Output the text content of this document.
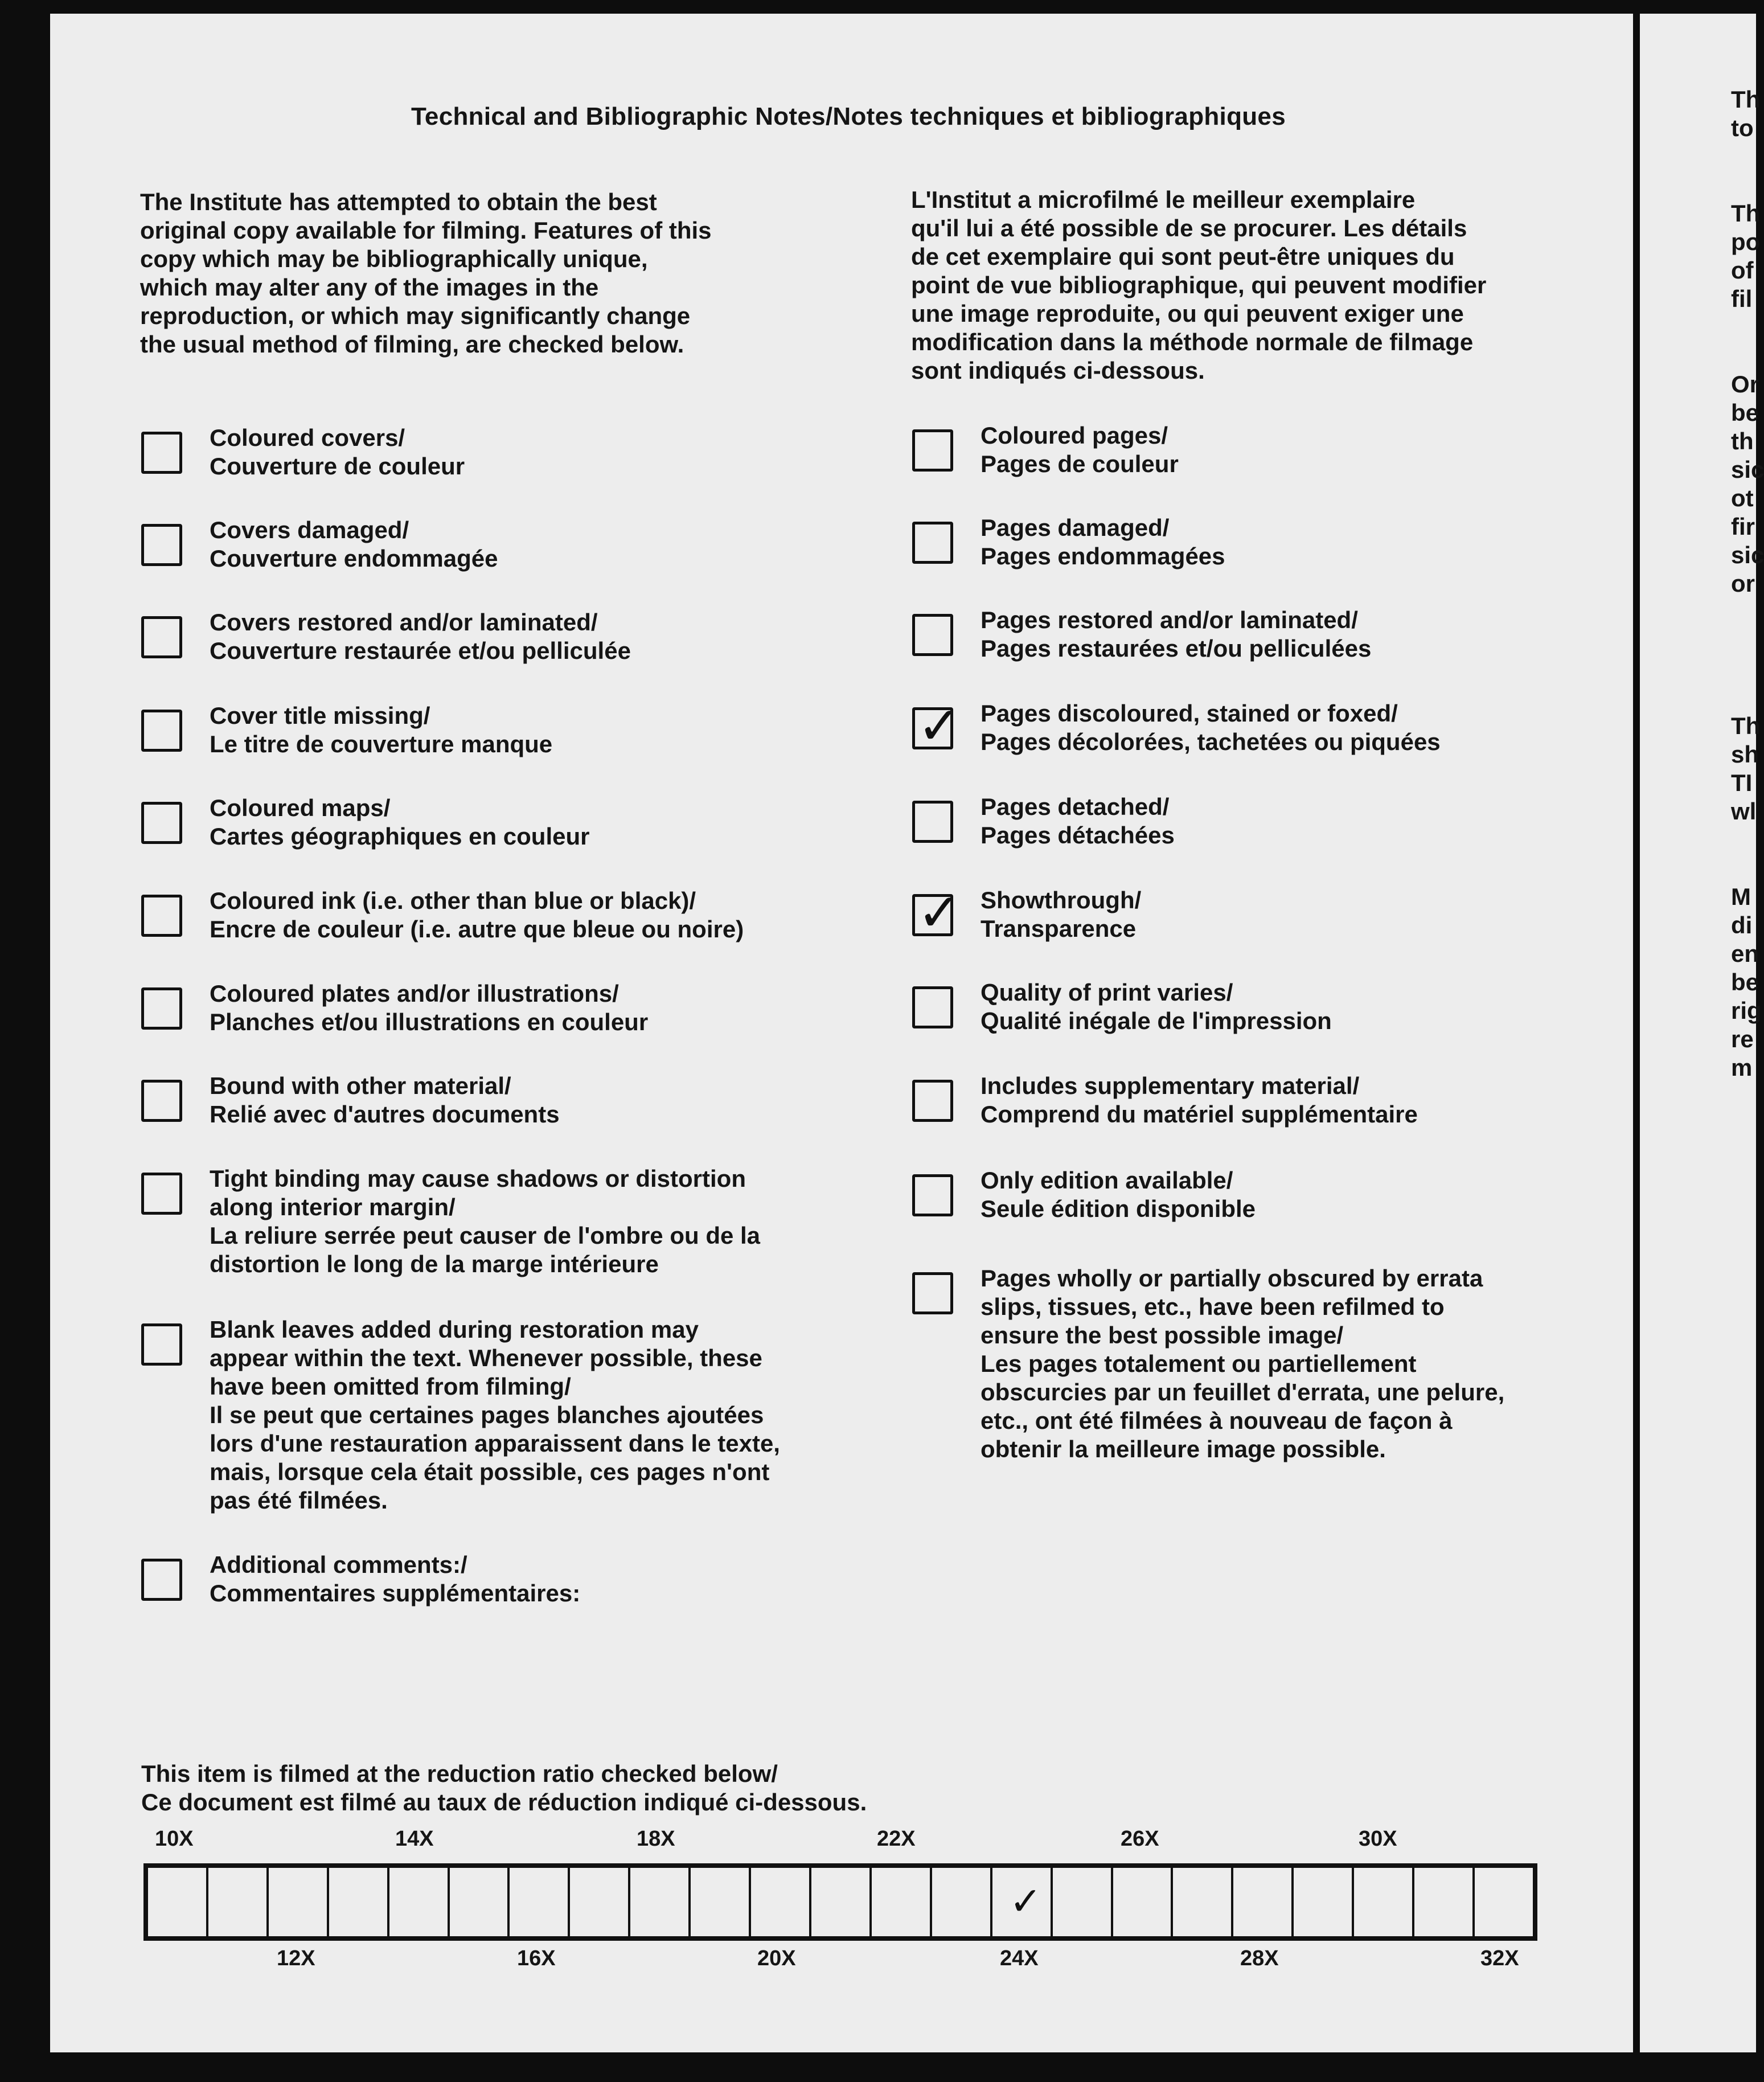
Technical and Bibliographic Notes/Notes techniques et bibliographiques
The Institute has attempted to obtain the best
original copy available for filming. Features of this
copy which may be bibliographically unique,
which may alter any of the images in the
reproduction, or which may significantly change
the usual method of filming, are checked below.
L'Institut a microfilmé le meilleur exemplaire
qu'il lui a été possible de se procurer. Les détails
de cet exemplaire qui sont peut-être uniques du
point de vue bibliographique, qui peuvent modifier
une image reproduite, ou qui peuvent exiger une
modification dans la méthode normale de filmage
sont indiqués ci-dessous.
Coloured covers/
Couverture de couleur
Covers damaged/
Couverture endommagée
Covers restored and/or laminated/
Couverture restaurée et/ou pelliculée
Cover title missing/
Le titre de couverture manque
Coloured maps/
Cartes géographiques en couleur
Coloured ink (i.e. other than blue or black)/
Encre de couleur (i.e. autre que bleue ou noire)
Coloured plates and/or illustrations/
Planches et/ou illustrations en couleur
Bound with other material/
Relié avec d'autres documents
Tight binding may cause shadows or distortion
along interior margin/
La reliure serrée peut causer de l'ombre ou de la
distortion le long de la marge intérieure
Blank leaves added during restoration may
appear within the text. Whenever possible, these
have been omitted from filming/
Il se peut que certaines pages blanches ajoutées
lors d'une restauration apparaissent dans le texte,
mais, lorsque cela était possible, ces pages n'ont
pas été filmées.
Additional comments:/
Commentaires supplémentaires:
Coloured pages/
Pages de couleur
Pages damaged/
Pages endommagées
Pages restored and/or laminated/
Pages restaurées et/ou pelliculées
✓ Pages discoloured, stained or foxed/
Pages décolorées, tachetées ou piquées
Pages detached/
Pages détachées
✓ Showthrough/
Transparence
Quality of print varies/
Qualité inégale de l'impression
Includes supplementary material/
Comprend du matériel supplémentaire
Only edition available/
Seule édition disponible
Pages wholly or partially obscured by errata
slips, tissues, etc., have been refilmed to
ensure the best possible image/
Les pages totalement ou partiellement
obscurcies par un feuillet d'errata, une pelure,
etc., ont été filmées à nouveau de façon à
obtenir la meilleure image possible.
This item is filmed at the reduction ratio checked below/
Ce document est filmé au taux de réduction indiqué ci-dessous.
10X	14X	18X	22X	26X	30X
✓
12X	16X	20X	24X	28X	32X
Th
to

Th
po
of
fil

Or
be
th
sic
ot
fir
sic
or

Th
sh
TI
wl

M
di
en
be
rig
re
m
